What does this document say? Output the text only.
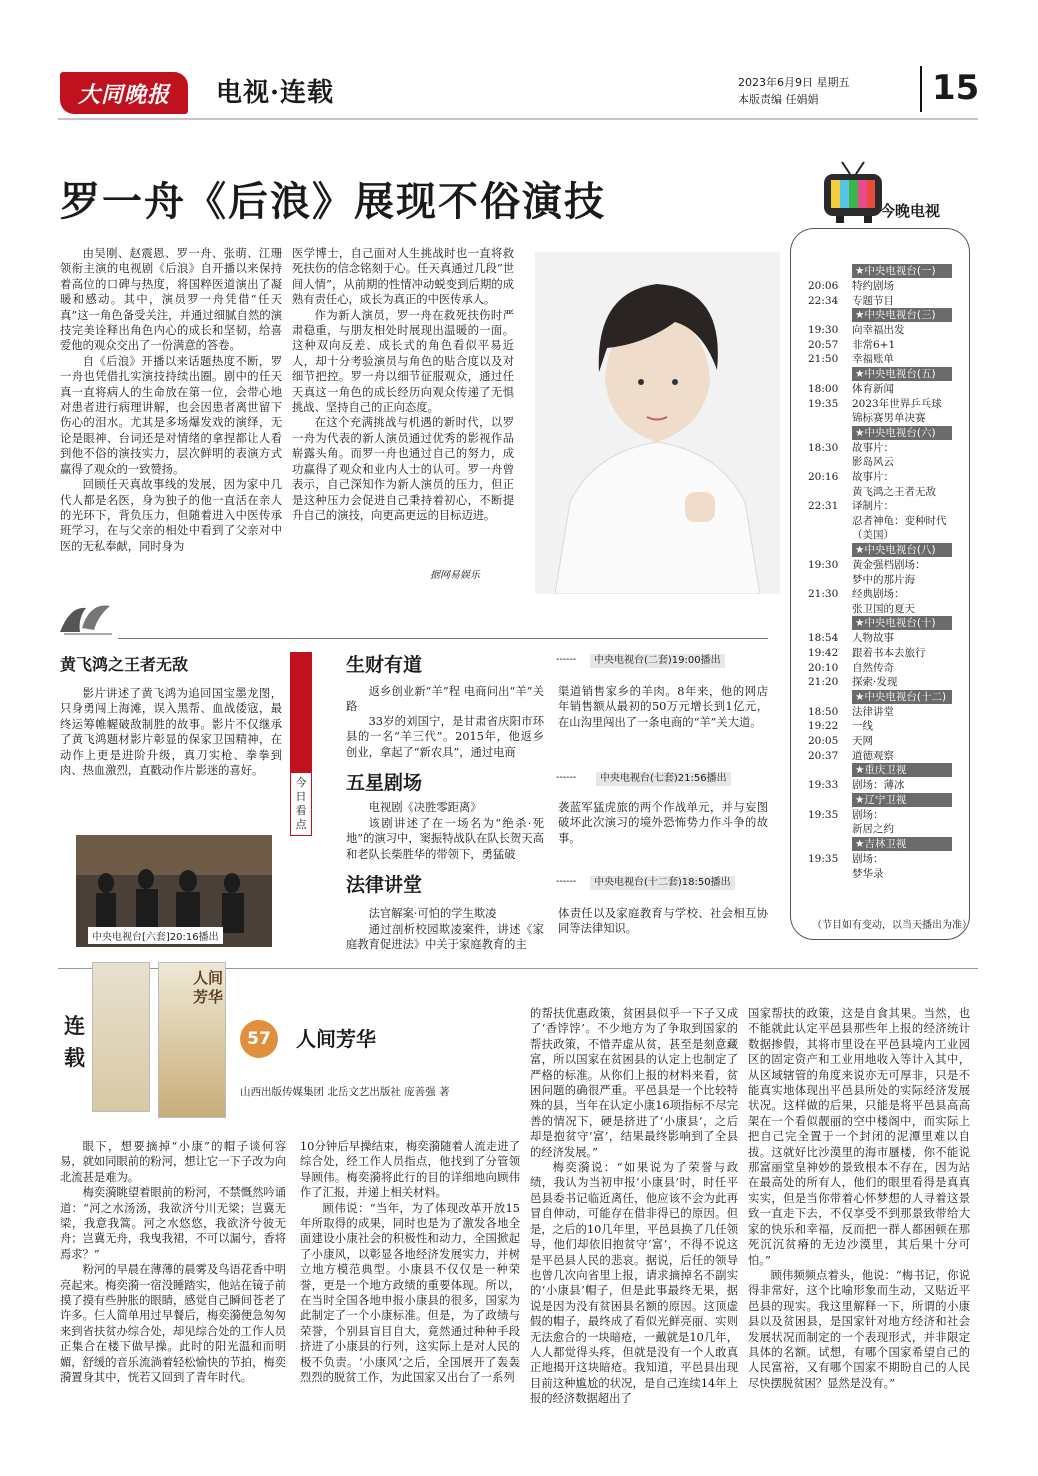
大同晚报	电视·连载	2023年6月9日 星期五
本版责编 任娟娟	15
罗一舟《后浪》展现不俗演技

由吴刚、赵震恩、罗一舟、张萌、江珊领衔主演的电视剧《后浪》自开播以来保持着高位的口碑与热度，将国粹医道演出了凝暖和感动。其中，演员罗一舟凭借“任天真”这一角色备受关注，并通过细腻自然的演技完美诠释出角色内心的成长和坚韧，给喜爱他的观众交出了一份满意的答卷。

自《后浪》开播以来话题热度不断，罗一舟也凭借扎实演技持续出圈。剧中的任天真一直将病人的生命放在第一位，会带心地对患者进行病理讲解，也会因患者离世留下伤心的泪水。尤其是多场爆发戏的演绎，无论是眼神、台词还是对情绪的拿捏都让人看到他不俗的演技实力，层次鲜明的表演方式赢得了观众的一致赞扬。

回顾任天真故事线的发展，因为家中几代人都是名医，身为独子的他一直活在亲人的光环下，背负压力，但随着进入中医传承班学习，在与父亲的相处中看到了父亲对中医的无私奉献，同时身为

医学博士，自己面对人生挑战时也一直将救死扶伤的信念铭刻于心。任天真通过几段“世间人情”，从前期的性情冲动蜕变到后期的成熟有责任心，成长为真正的中医传承人。

作为新人演员，罗一舟在救死扶伤时严肃稳重，与朋友相处时展现出温暖的一面。这种双向反差、成长式的角色看似平易近人，却十分考验演员与角色的贴合度以及对细节把控。罗一舟以细节征服观众，通过任天真这一角色的成长经历向观众传递了无惧挑战、坚持自己的正向态度。

在这个充满挑战与机遇的新时代，以罗一舟为代表的新人演员通过优秀的影视作品崭露头角。而罗一舟也通过自己的努力，成功赢得了观众和业内人士的认可。罗一舟曾表示，自己深知作为新人演员的压力，但正是这种压力会促进自己秉持着初心，不断提升自己的演技，向更高更远的目标迈进。

据网易娱乐
今晚电视
★中央电视台(一)
20:06 特约剧场
22:34 专题节目
★中央电视台(三)
19:30 向幸福出发
20:57 非常6+1
21:50 幸福账单
★中央电视台(五)
18:00 体育新闻
19:35 2023年世界乒乓球
锦标赛男单决赛
★中央电视台(六)
18:30 故事片：
影岛风云
20:16 故事片：
黄飞鸿之王者无敌
22:31 译制片：
忍者神龟：变种时代
（美国）
★中央电视台(八)
19:30 黄金强档剧场：
梦中的那片海
21:30 经典剧场：
张卫国的夏天
★中央电视台(十)
18:54 人物故事
19:42 跟着书本去旅行
20:10 自然传奇
21:20 探索·发现
★中央电视台(十二)
18:50 法律讲堂
19:22 一线
20:05 天网
20:37 道德观察
★重庆卫视
19:33 剧场：薄冰
★辽宁卫视
19:35 剧场：
新居之约
★吉林卫视
19:35 剧场：
梦华录
（节目如有变动，以当天播出为准）
黄飞鸿之王者无敌

影片讲述了黄飞鸿为追回国宝墨龙图，只身勇闯上海滩，误入黑帮、血战倭寇，最终运筹帷幄破敌制胜的故事。影片不仅继承了黄飞鸿题材影片彰显的保家卫国精神，在动作上更是进阶升级，真刀实枪、拳拳到肉、热血激烈，直戳动作片影迷的喜好。

中央电视台[六套]20:16播出
今日看点
生财有道	------	中央电视台(二套)19:00播出
返乡创业新“羊”程 电商问出“羊”关路
33岁的刘国宁，是甘肃省庆阳市环县的一名“羊三代”。2015年，他返乡创业，拿起了“新农具”，通过电商
渠道销售家乡的羊肉。8年来，他的网店年销售额从最初的50万元增长到1亿元，在山沟里闯出了一条电商的“羊”关大道。
五星剧场	------	中央电视台(七套)21:56播出
电视剧《决胜零距离》
该剧讲述了在一场名为“绝杀·死地”的演习中，窦振特战队在队长贺天高和老队长柴胜华的带领下，勇猛破
袭蓝军猛虎旅的两个作战单元，并与妄图破坏此次演习的境外恐怖势力作斗争的故事。
法律讲堂	------	中央电视台(十二套)18:50播出
法官解案·可怕的学生欺凌
通过剖析校园欺凌案件，讲述《家庭教育促进法》中关于家庭教育的主
体责任以及家庭教育与学校、社会相互协同等法律知识。
连载
人间芳华
57	人间芳华
山西出版传媒集团 北岳文艺出版社 庞善强 著

眼下，想要摘掉“小康”的帽子谈何容易，就如同眼前的粉河，想让它一下子改为向北流甚是难为。

梅奕漪眺望着眼前的粉河，不禁慨然吟诵道：“河之水汤汤，我欲济兮川无梁；岂冀无梁，我意我篙。河之水悠悠，我欲济兮彼无舟；岂冀无舟，我曳我裙，不可以漏兮，香将焉求？”

粉河的早晨在薄薄的晨雾及鸟语花香中明亮起来。梅奕漪一宿没睡踏实，他站在镜子前摸了摸有些肿胀的眼睛，感觉自己瞬间苍老了许多。仨人简单用过早餐后，梅奕漪便急匆匆来到省扶贫办综合处，却见综合处的工作人员正集合在楼下做早操。此时的阳光温和而明媚，舒缓的音乐流淌着轻松愉快的节拍，梅奕漪置身其中，恍若又回到了青年时代。

10分钟后早操结束，梅奕漪随着人流走进了综合处，经工作人员指点，他找到了分管领导顾伟。梅奕漪将此行的目的详细地向顾伟作了汇报，并递上相关材料。

顾伟说：“当年，为了体现改革开放15年所取得的成果，同时也是为了激发各地全面建设小康社会的积极性和动力，全国掀起了小康风，以彰显各地经济发展实力，并树立地方模范典型。小康县不仅仅是一种荣誉，更是一个地方政绩的重要体现。所以，在当时全国各地申报小康县的很多，国家为此制定了一个小康标准。但是，为了政绩与荣誉，个别县盲目自大，竟然通过种种手段挤进了小康县的行列，这实际上是对人民的极不负责。‘小康风’之后，全国展开了轰轰烈烈的脱贫工作，为此国家又出台了一系列

的帮扶优惠政策，贫困县似乎一下子又成了‘香饽饽’。不少地方为了争取到国家的帮扶政策，不惜弄虚从贫，甚至是刻意藏富，所以国家在贫困县的认定上也制定了严格的标准。从你们上报的材料来看，贫困问题的确很严重。平邑县是一个比较特殊的县，当年在认定小康16项指标不尽完善的情况下，硬是挤进了‘小康县’，之后却是抱贫守‘富’，结果最终影响到了全县的经济发展。”

梅奕漪说：“如果说为了荣誉与政绩，我认为当初申报‘小康县’时，时任平邑县委书记临近离任，他应该不会为此再冒自伸动，可能存在借非得已的原因。但是，之后的10几年里，平邑县换了几任领导，他们却依旧抱贫守‘富’，不得不说这是平邑县人民的悲哀。据说，后任的领导也曾几次向省里上报，请求摘掉名不副实的‘小康县’帽子，但是此事最终无果，据说是因为没有贫困县名额的原因。这顶虚假的帽子，最终成了看似光鲜亮丽、实则无法愈合的一块暗疮，一戴就是10几年，人人都觉得头疼，但就是没有一个人敢真正地揭开这块暗疮。我知道，平邑县出现目前这种尴尬的状况，是自己连续14年上报的经济数据超出了

国家帮扶的政策，这是自食其果。当然，也不能就此认定平邑县那些年上报的经济统计数据掺假，其将市里设在平邑县境内工业园区的固定资产和工业用地收入等计入其中，从区域辖管的角度来说亦无可厚非，只是不能真实地体现出平邑县所处的实际经济发展状况。这样做的后果，只能是将平邑县高高架在一个看似靓丽的空中楼阁中，而实际上把自己完全置于一个封闭的泥潭里难以自拔。这就好比沙漠里的海市蜃楼，你不能说那富丽堂皇神妙的景致根本不存在，因为站在最高处的所有人，他们的眼里看得是真真实实，但是当你带着心怀梦想的人寻着这景致一直走下去，不仅享受不到那景致带给大家的快乐和幸福，反而把一群人都困顿在那死沉沉贫瘠的无边沙漠里，其后果十分可怕。”

顾伟频频点着头，他说：“梅书记，你说得非常好，这个比喻形象而生动，又贴近平邑县的现实。我这里解释一下，所谓的小康县以及贫困县，是国家针对地方经济和社会发展状况而制定的一个表现形式，并非限定具体的名额。试想，有哪个国家希望自己的人民富裕，又有哪个国家不期盼自己的人民尽快摆脱贫困？显然是没有。”
